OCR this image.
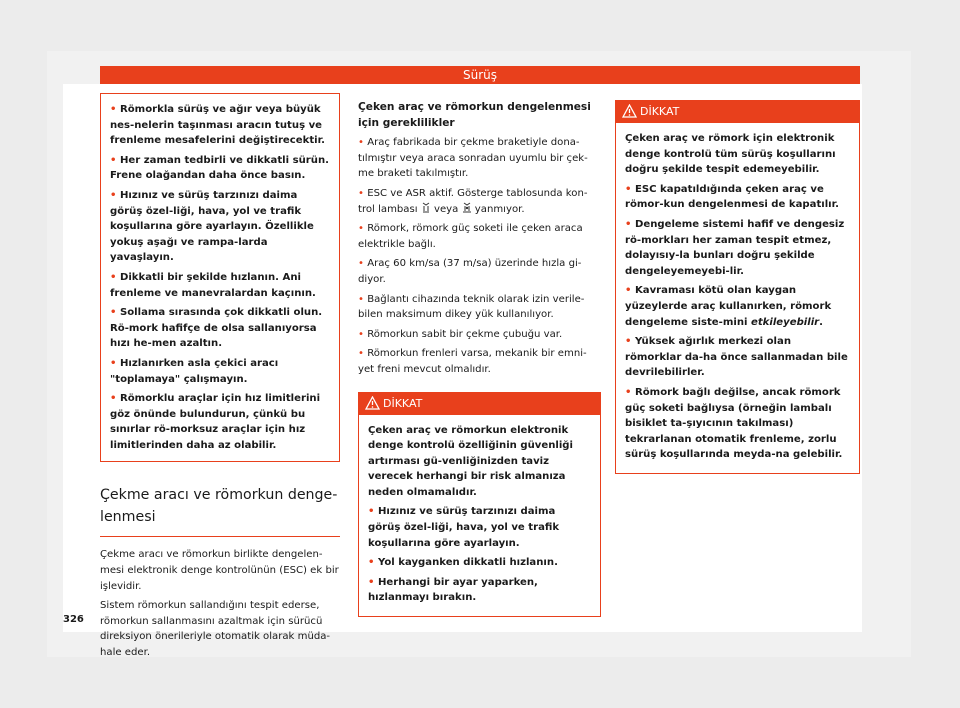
Sürüş

• Römorkla sürüş ve ağır veya büyük nes-nelerin taşınması aracın tutuş ve frenleme mesafelerini değiştirecektir.

• Her zaman tedbirli ve dikkatli sürün. Frene olağandan daha önce basın.

• Hızınız ve sürüş tarzınızı daima görüş özel-liği, hava, yol ve trafik koşullarına göre ayarlayın. Özellikle yokuş aşağı ve rampa-larda yavaşlayın.

• Dikkatli bir şekilde hızlanın. Ani frenleme ve manevralardan kaçının.

• Sollama sırasında çok dikkatli olun. Rö-mork hafifçe de olsa sallanıyorsa hızı he-men azaltın.

• Hızlanırken asla çekici aracı "toplamaya" çalışmayın.

• Römorklu araçlar için hız limitlerini göz önünde bulundurun, çünkü bu sınırlar rö-morksuz araçlar için hız limitlerinden daha az olabilir.

Çekme aracı ve römorkun denge-lenmesi

Çekme aracı ve römorkun birlikte dengelen-mesi elektronik denge kontrolünün (ESC) ek bir işlevidir.

Sistem römorkun sallandığını tespit ederse, römorkun sallanmasını azaltmak için sürücü direksiyon önerileriyle otomatik olarak müda-hale eder.

Çeken araç ve römorkun dengelenmesi için gereklilikler

• Araç fabrikada bir çekme braketiyle dona-tılmıştır veya araca sonradan uyumlu bir çek-me braketi takılmıştır.

• ESC ve ASR aktif. Gösterge tablosunda kon-trol lambası veya yanmıyor.

• Römork, römork güç soketi ile çeken araca elektrikle bağlı.

• Araç 60 km/sa (37 m/sa) üzerinde hızla gi-diyor.

• Bağlantı cihazında teknik olarak izin verile-bilen maksimum dikey yük kullanılıyor.

• Römorkun sabit bir çekme çubuğu var.

• Römorkun frenleri varsa, mekanik bir emni-yet freni mevcut olmalıdır.

DİKKAT

Çeken araç ve römorkun elektronik denge kontrolü özelliğinin güvenliği artırması gü-venliğinizden taviz verecek herhangi bir risk almanıza neden olmamalıdır.

• Hızınız ve sürüş tarzınızı daima görüş özel-liği, hava, yol ve trafik koşullarına göre ayarlayın.

• Yol kayganken dikkatli hızlanın.

• Herhangi bir ayar yaparken, hızlanmayı bırakın.

DİKKAT

Çeken araç ve römork için elektronik denge kontrolü tüm sürüş koşullarını doğru şekilde tespit edemeyebilir.

• ESC kapatıldığında çeken araç ve römor-kun dengelenmesi de kapatılır.

• Dengeleme sistemi hafif ve dengesiz rö-morkları her zaman tespit etmez, dolayısıy-la bunları doğru şekilde dengeleyemeyebi-lir.

• Kavraması kötü olan kaygan yüzeylerde araç kullanırken, römork dengeleme siste-mini etkileyebilir.

• Yüksek ağırlık merkezi olan römorklar da-ha önce sallanmadan bile devrilebilirler.

• Römork bağlı değilse, ancak römork güç soketi bağlıysa (örneğin lambalı bisiklet ta-şıyıcının takılması) tekrarlanan otomatik frenleme, zorlu sürüş koşullarında meyda-na gelebilir.

326
